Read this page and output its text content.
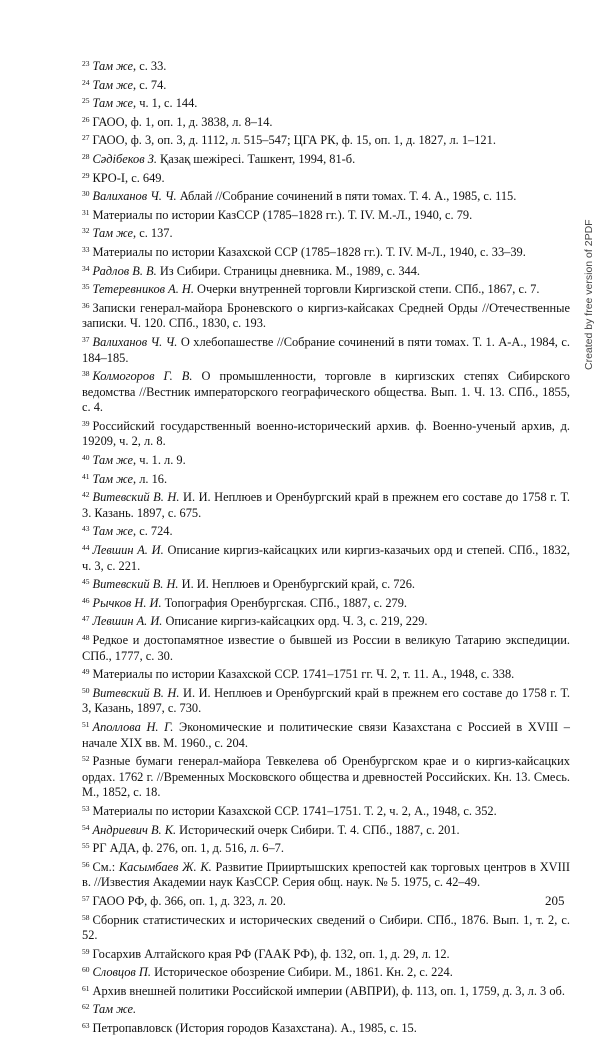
$^{23}$ Там же, с. 33.

$^{24}$ Там же, с. 74.

$^{25}$ Там же, ч. 1, с. 144.

$^{26}$ ГАОО, ф. 1, оп. 1, д. 3838, л. 8–14.

$^{27}$ ГАОО, ф. 3, оп. 3, д. 1112, л. 515–547; ЦГА РК, ф. 15, оп. 1, д. 1827, л. 1–121.

$^{28}$ Сәдібеков З. Қазақ шежіресі. Ташкент, 1994, 81-б.

$^{29}$ КРО-I, с. 649.

$^{30}$ Валиханов Ч. Ч. Аблай //Собрание сочинений в пяти томах. Т. 4. А., 1985, с. 115.

$^{31}$ Материалы по истории КазССР (1785–1828 гг.). Т. IV. М.-Л., 1940, с. 79.

$^{32}$ Там же, с. 137.

$^{33}$ Материалы по истории Казахской ССР (1785–1828 гг.). Т. IV. М-Л., 1940, с. 33–39.

$^{34}$ Радлов В. В. Из Сибири. Страницы дневника. М., 1989, с. 344.

$^{35}$ Тетеревников А. Н. Очерки внутренней торговли Киргизской степи. СПб., 1867, с. 7.

$^{36}$ Записки генерал-майора Броневского о киргиз-кайсаках Средней Орды //Отечественные записки. Ч. 120. СПб., 1830, с. 193.

$^{37}$ Валиханов Ч. Ч. О хлебопашестве //Собрание сочинений в пяти томах. Т. 1. А-А., 1984, с. 184–185.

$^{38}$ Колмогоров Г. В. О промышленности, торговле в киргизских степях Сибирского ведомства //Вестник императорского географического общества. Вып. 1. Ч. 13. СПб., 1855, с. 4.

$^{39}$ Российский государственный военно-исторический архив. ф. Военно-ученый архив, д. 19209, ч. 2, л. 8.

$^{40}$ Там же, ч. 1. л. 9.

$^{41}$ Там же, л. 16.

$^{42}$ Витевский В. Н. И. И. Неплюев и Оренбургский край в прежнем его составе до 1758 г. Т. 3. Казань. 1897, с. 675.

$^{43}$ Там же, с. 724.

$^{44}$ Левшин А. И. Описание киргиз-кайсацких или киргиз-казачьих орд и степей. СПб., 1832, ч. 3, с. 221.

$^{45}$ Витевский В. Н. И. И. Неплюев и Оренбургский край, с. 726.

$^{46}$ Рычков Н. И. Топография Оренбургская. СПб., 1887, с. 279.

$^{47}$ Левшин А. И. Описание киргиз-кайсацких орд. Ч. 3, с. 219, 229.

$^{48}$ Редкое и достопамятное известие о бывшей из России в великую Татарию экспедиции. СПб., 1777, с. 30.

$^{49}$ Материалы по истории Казахской ССР. 1741–1751 гг. Ч. 2, т. 11. А., 1948, с. 338.

$^{50}$ Витевский В. Н. И. И. Неплюев и Оренбургский край в прежнем его составе до 1758 г. Т. 3, Казань, 1897, с. 730.

$^{51}$ Аполлова Н. Г. Экономические и политические связи Казахстана с Россией в XVIII – начале XIX вв. М. 1960., с. 204.

$^{52}$ Разные бумаги генерал-майора Тевкелева об Оренбургском крае и о киргиз-кайсацких ордах. 1762 г. //Временных Московского общества и древностей Российских. Кн. 13. Смесь. М., 1852, с. 18.

$^{53}$ Материалы по истории Казахской ССР. 1741–1751. Т. 2, ч. 2, А., 1948, с. 352.

$^{54}$ Андриевич В. К. Исторический очерк Сибири. Т. 4. СПб., 1887, с. 201.

$^{55}$ РГ АДА, ф. 276, оп. 1, д. 516, л. 6–7.

$^{56}$ См.: Касымбаев Ж. К. Развитие Прииртышских крепостей как торговых центров в XVIII в. //Известия Академии наук КазССР. Серия общ. наук. № 5. 1975, с. 42–49.

$^{57}$ ГАОО РФ, ф. 366, оп. 1, д. 323, л. 20.

$^{58}$ Сборник статистических и исторических сведений о Сибири. СПб., 1876. Вып. 1, т. 2, с. 52.

$^{59}$ Госархив Алтайского края РФ (ГААК РФ), ф. 132, оп. 1, д. 29, л. 12.

$^{60}$ Словцов П. Историческое обозрение Сибири. М., 1861. Кн. 2, с. 224.

$^{61}$ Архив внешней политики Российской империи (АВПРИ), ф. 113, оп. 1, 1759, д. 3, л. 3 об.

$^{62}$ Там же.

$^{63}$ Петропавловск (История городов Казахстана). А., 1985, с. 15.

205
Created by free version of 2PDF
